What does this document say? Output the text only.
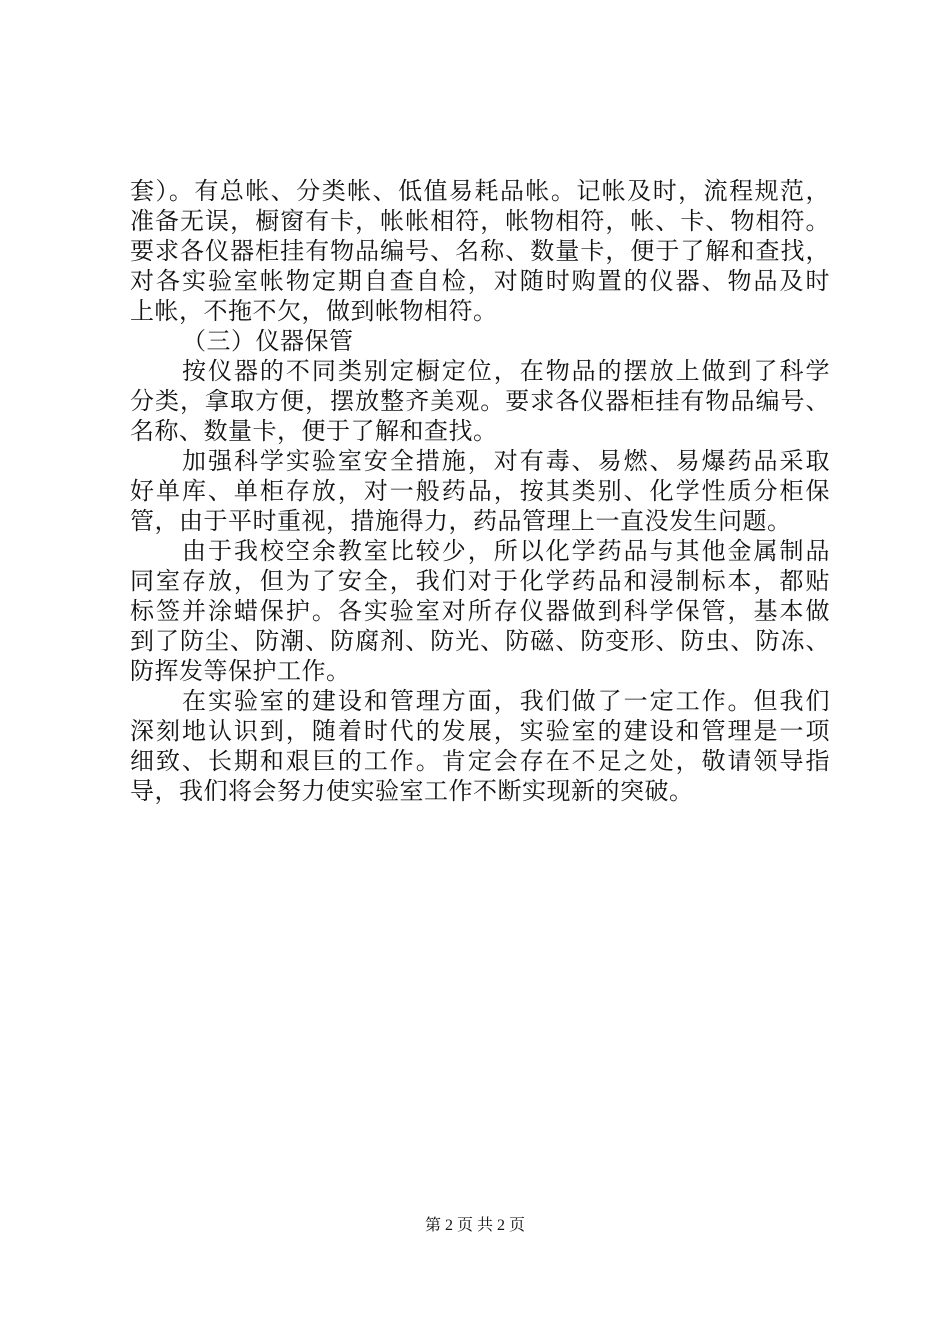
套）。有总帐、分类帐、低值易耗品帐。记帐及时，流程规范，
准备无误，橱窗有卡，帐帐相符，帐物相符，帐、卡、物相符。
要求各仪器柜挂有物品编号、名称、数量卡，便于了解和查找，
对各实验室帐物定期自查自检，对随时购置的仪器、物品及时
上帐，不拖不欠，做到帐物相符。
（三）仪器保管
按仪器的不同类别定橱定位，在物品的摆放上做到了科学
分类，拿取方便，摆放整齐美观。要求各仪器柜挂有物品编号、
名称、数量卡，便于了解和查找。
加强科学实验室安全措施，对有毒、易燃、易爆药品采取
好单库、单柜存放，对一般药品，按其类别、化学性质分柜保
管，由于平时重视，措施得力，药品管理上一直没发生问题。
由于我校空余教室比较少，所以化学药品与其他金属制品
同室存放，但为了安全，我们对于化学药品和浸制标本，都贴
标签并涂蜡保护。各实验室对所存仪器做到科学保管，基本做
到了防尘、防潮、防腐剂、防光、防磁、防变形、防虫、防冻、
防挥发等保护工作。
在实验室的建设和管理方面，我们做了一定工作。但我们
深刻地认识到，随着时代的发展，实验室的建设和管理是一项
细致、长期和艰巨的工作。肯定会存在不足之处，敬请领导指
导，我们将会努力使实验室工作不断实现新的突破。
第 2 页 共 2 页
